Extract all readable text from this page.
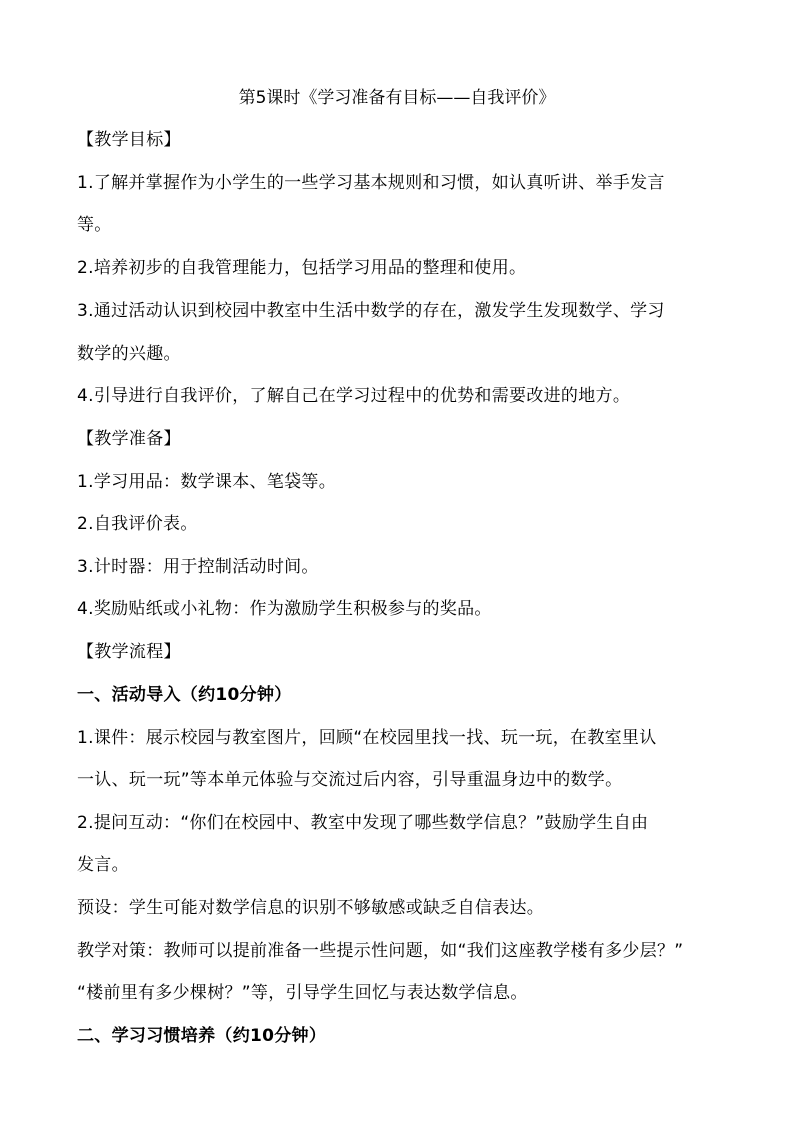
第5课时《学习准备有目标——自我评价》
【教学目标】
1.了解并掌握作为小学生的一些学习基本规则和习惯，如认真听讲、举手发言
等。
2.培养初步的自我管理能力，包括学习用品的整理和使用。
3.通过活动认识到校园中教室中生活中数学的存在，激发学生发现数学、学习
数学的兴趣。
4.引导进行自我评价，了解自己在学习过程中的优势和需要改进的地方。
【教学准备】
1.学习用品：数学课本、笔袋等。
2.自我评价表。
3.计时器：用于控制活动时间。
4.奖励贴纸或小礼物：作为激励学生积极参与的奖品。
【教学流程】
一、活动导入（约10分钟）
1.课件：展示校园与教室图片，回顾“在校园里找一找、玩一玩，在教室里认
一认、玩一玩”等本单元体验与交流过后内容，引导重温身边中的数学。
2.提问互动：“你们在校园中、教室中发现了哪些数学信息？”鼓励学生自由
发言。
预设：学生可能对数学信息的识别不够敏感或缺乏自信表达。
教学对策：教师可以提前准备一些提示性问题，如“我们这座教学楼有多少层？”
“楼前里有多少棵树？”等，引导学生回忆与表达数学信息。
二、学习习惯培养（约10分钟）
